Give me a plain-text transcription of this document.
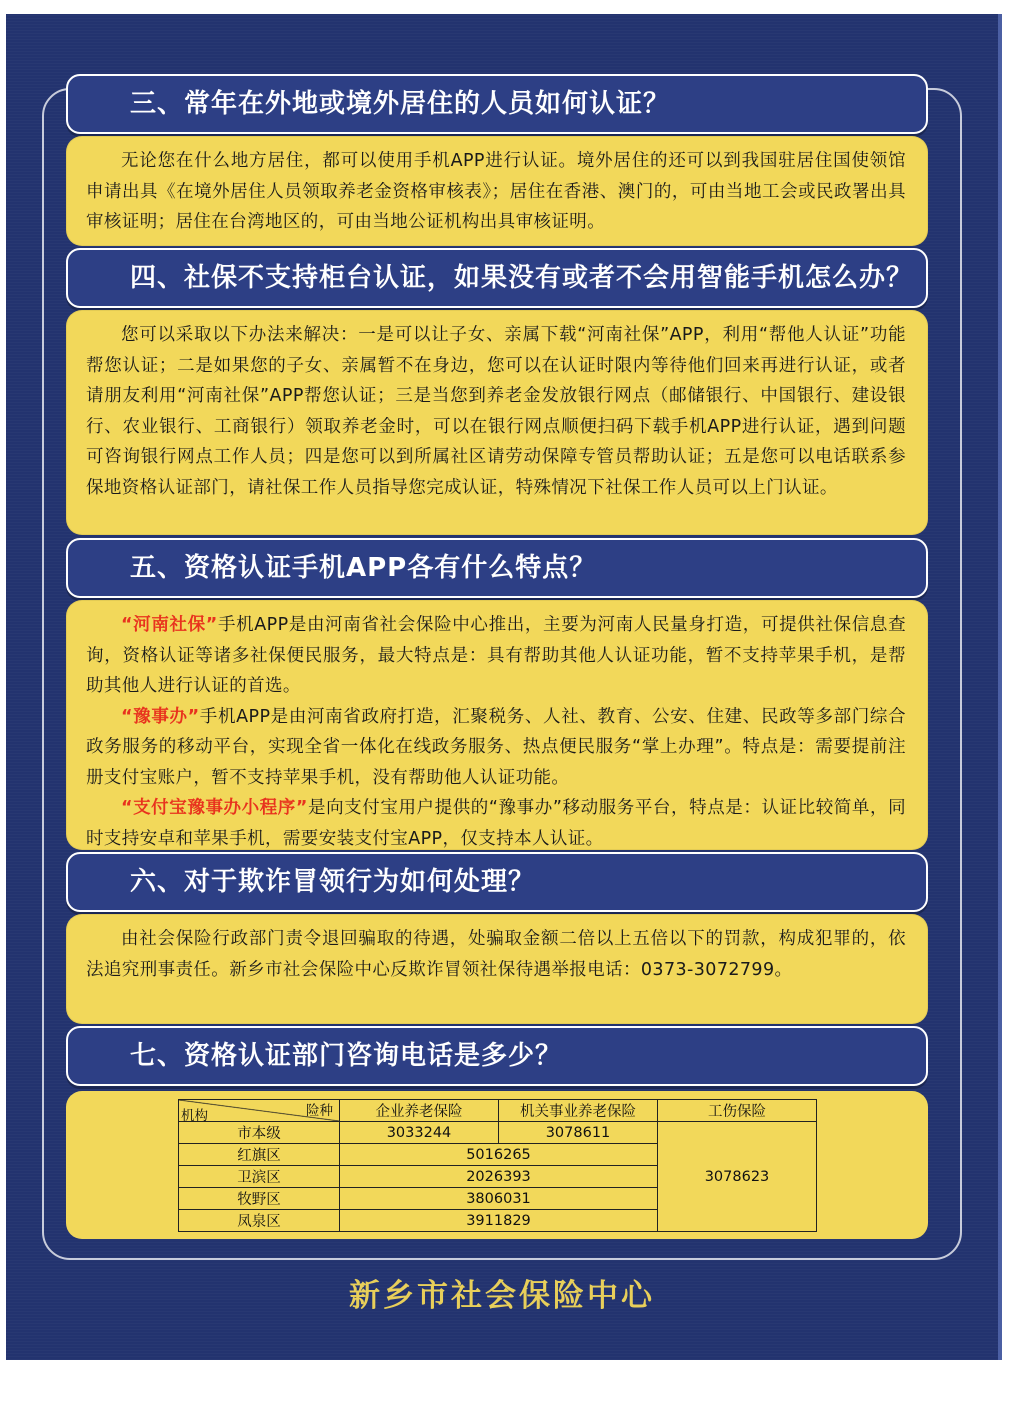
三、常年在外地或境外居住的人员如何认证？

无论您在什么地方居住，都可以使用手机APP进行认证。境外居住的还可以到我国驻居住国使领馆申请出具《在境外居住人员领取养老金资格审核表》；居住在香港、澳门的，可由当地工会或民政署出具审核证明；居住在台湾地区的，可由当地公证机构出具审核证明。

四、社保不支持柜台认证，如果没有或者不会用智能手机怎么办？

您可以采取以下办法来解决：一是可以让子女、亲属下载“河南社保”APP，利用“帮他人认证”功能帮您认证；二是如果您的子女、亲属暂不在身边，您可以在认证时限内等待他们回来再进行认证，或者请朋友利用“河南社保”APP帮您认证；三是当您到养老金发放银行网点（邮储银行、中国银行、建设银行、农业银行、工商银行）领取养老金时，可以在银行网点顺便扫码下载手机APP进行认证，遇到问题可咨询银行网点工作人员；四是您可以到所属社区请劳动保障专管员帮助认证；五是您可以电话联系参保地资格认证部门，请社保工作人员指导您完成认证，特殊情况下社保工作人员可以上门认证。

五、资格认证手机APP各有什么特点？

“河南社保”手机APP是由河南省社会保险中心推出，主要为河南人民量身打造，可提供社保信息查询，资格认证等诸多社保便民服务，最大特点是：具有帮助其他人认证功能，暂不支持苹果手机，是帮助其他人进行认证的首选。

“豫事办”手机APP是由河南省政府打造，汇聚税务、人社、教育、公安、住建、民政等多部门综合政务服务的移动平台，实现全省一体化在线政务服务、热点便民服务“掌上办理”。特点是：需要提前注册支付宝账户，暂不支持苹果手机，没有帮助他人认证功能。

“支付宝豫事办小程序”是向支付宝用户提供的“豫事办”移动服务平台，特点是：认证比较简单，同时支持安卓和苹果手机，需要安装支付宝APP，仅支持本人认证。

六、对于欺诈冒领行为如何处理？

由社会保险行政部门责令退回骗取的待遇，处骗取金额二倍以上五倍以下的罚款，构成犯罪的，依法追究刑事责任。新乡市社会保险中心反欺诈冒领社保待遇举报电话：0373-3072799。

七、资格认证部门咨询电话是多少？
险种
机构	企业养老保险	机关事业养老保险	工伤保险
市本级	3033244	3078611	3078623
红旗区	5016265		
卫滨区	2026393		
牧野区	3806031		
凤泉区	3911829		
新乡市社会保险中心
